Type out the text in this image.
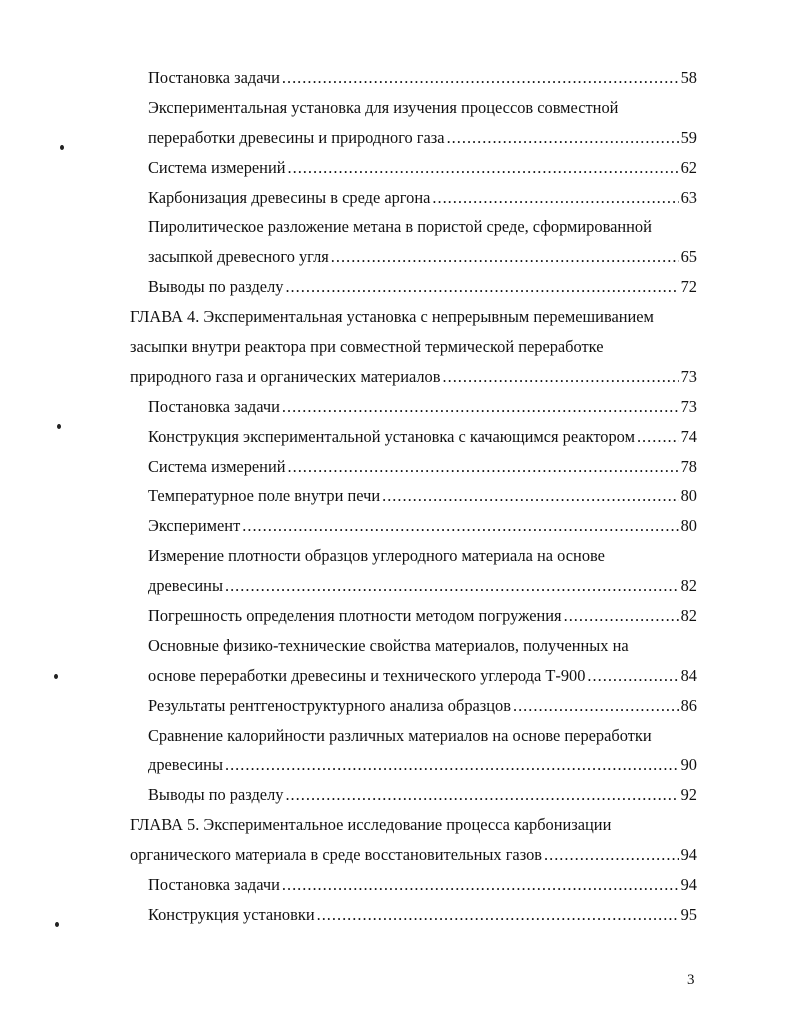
Постановка задачи .....	58
Экспериментальная установка для изучения процессов совместной
переработки древесины и природного газа .....	59
Система измерений .....	62
Карбонизация древесины в среде аргона .....	63
Пиролитическое разложение метана в пористой среде, сформированной
засыпкой древесного угля .....	65
Выводы по разделу .....	72
ГЛАВА 4. Экспериментальная установка с непрерывным перемешиванием
засыпки внутри реактора при совместной термической переработке
природного газа и органических материалов .....	73
Постановка задачи .....	73
Конструкция экспериментальной установка с качающимся реактором .....	74
Система измерений .....	78
Температурное поле внутри печи .....	80
Эксперимент .....	80
Измерение плотности образцов углеродного материала на основе
древесины .....	82
Погрешность определения плотности методом погружения .....	82
Основные физико-технические свойства материалов, полученных на
основе переработки древесины и технического углерода Т-900 .....	84
Результаты рентгеноструктурного анализа образцов .....	86
Сравнение калорийности различных материалов на основе переработки
древесины .....	90
Выводы по разделу .....	92
ГЛАВА 5. Экспериментальное исследование процесса карбонизации
органического материала в среде восстановительных газов .....	94
Постановка задачи .....	94
Конструкция установки .....	95
3
